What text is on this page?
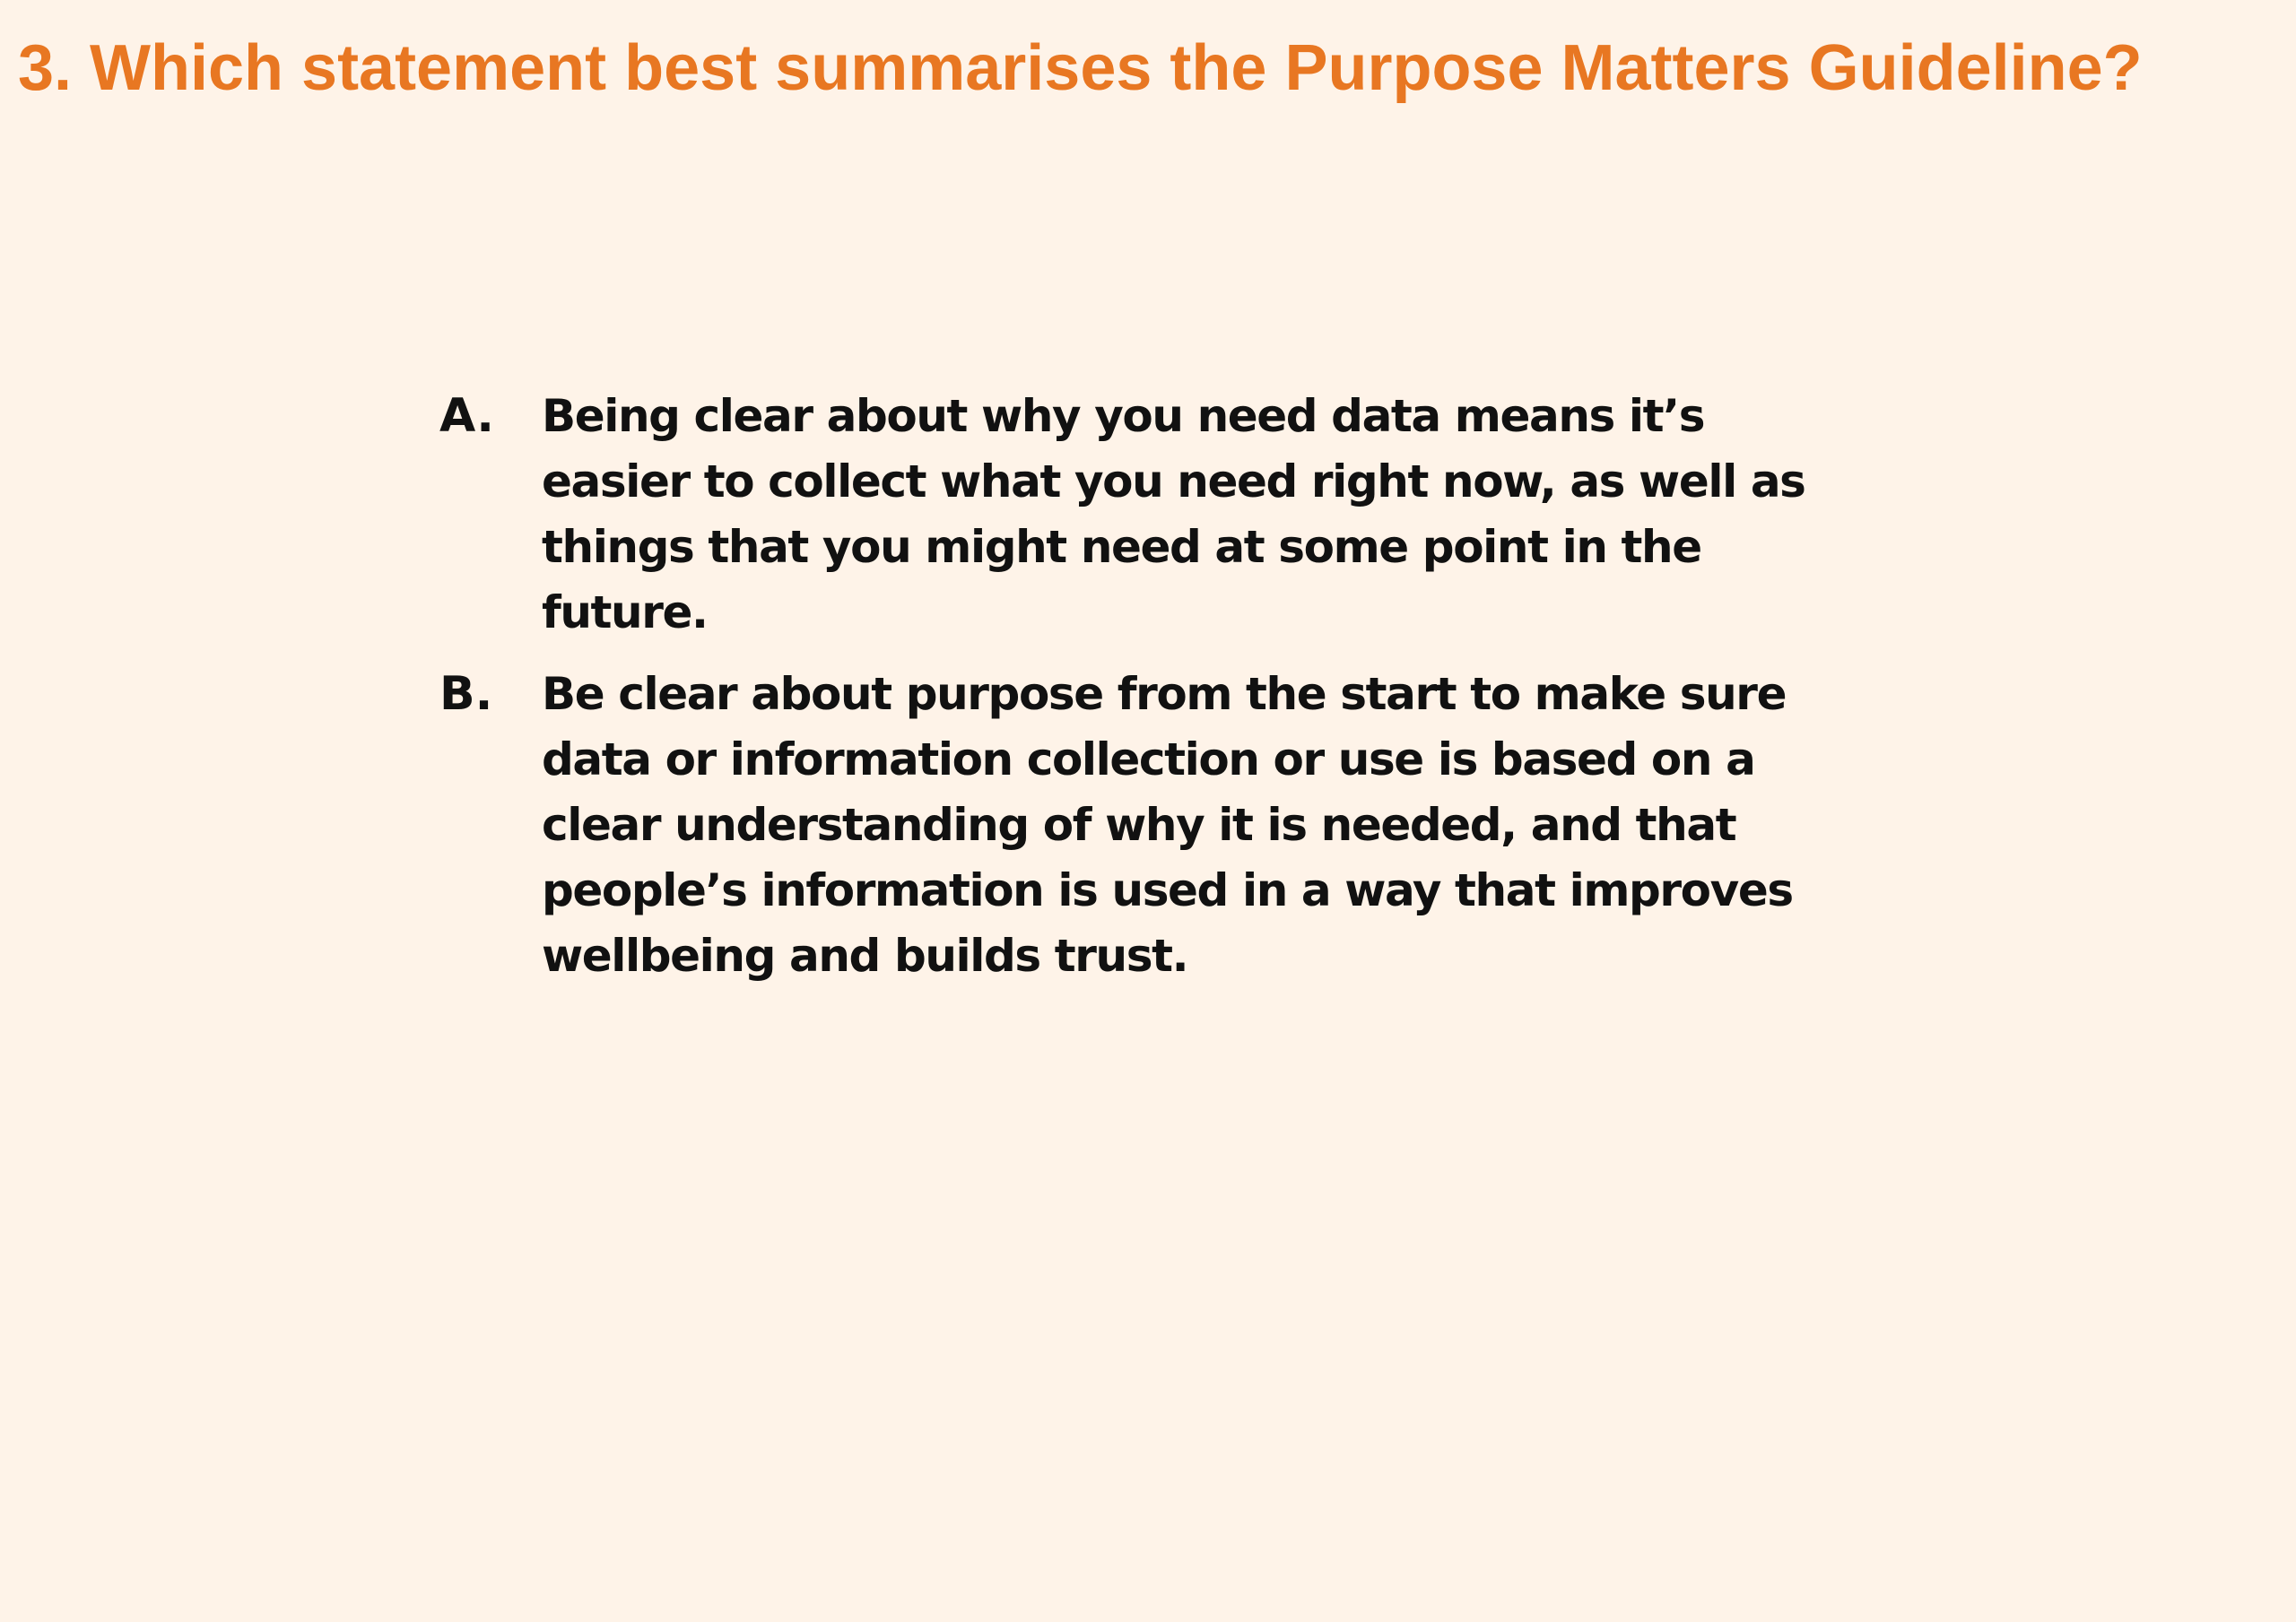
3. Which statement best summarises the Purpose Matters Guideline?
A.	Being clear about why you need data means it’s easier to collect what you need right now, as well as things that you might need at some point in the future.
B.	Be clear about purpose from the start to make sure data or information collection or use is based on a clear understanding of why it is needed, and that people’s information is used in a way that improves wellbeing and builds trust.
